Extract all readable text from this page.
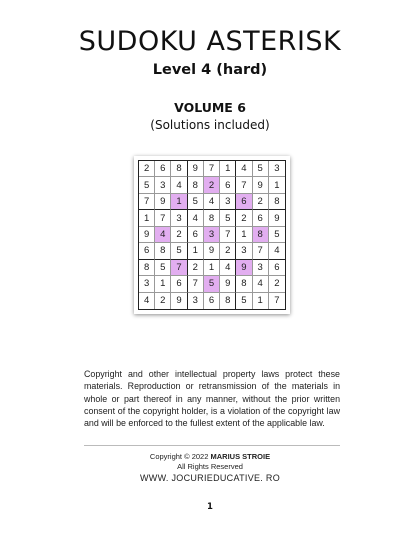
SUDOKU ASTERISK
Level 4 (hard)
VOLUME 6
(Solutions included)
2	6	8	9	7	1	4	5	3
5	3	4	8	2	6	7	9	1
7	9	1	5	4	3	6	2	8
1	7	3	4	8	5	2	6	9
9	4	2	6	3	7	1	8	5
6	8	5	1	9	2	3	7	4
8	5	7	2	1	4	9	3	6
3	1	6	7	5	9	8	4	2
4	2	9	3	6	8	5	1	7
Copyright and other intellectual property laws protect these materials. Reproduction or retransmission of the materials in whole or part thereof in any manner, without the prior written consent of the copyright holder, is a violation of the copyright law and will be enforced to the fullest extent of the applicable law.
Copyright © 2022 MARIUS STROIE
All Rights Reserved
WWW. JOCURIEDUCATIVE. RO
1
